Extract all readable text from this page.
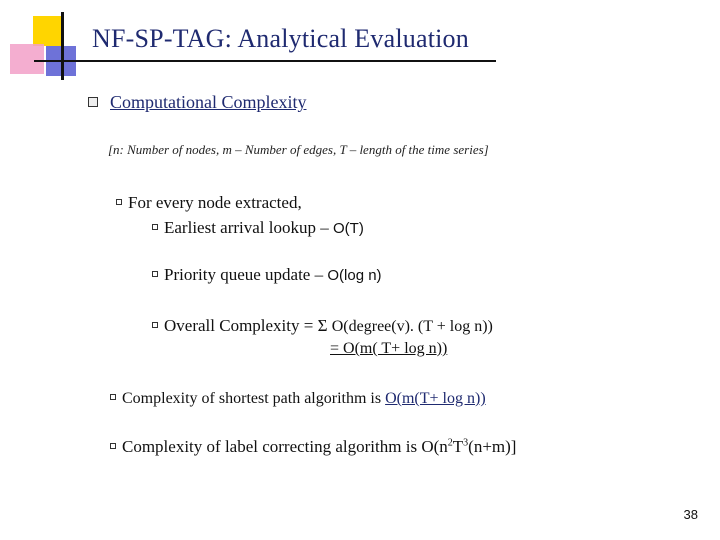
NF-SP-TAG: Analytical Evaluation
Computational Complexity
[n: Number of nodes, m – Number of edges, T – length of the time series]
For every node extracted,
Earliest arrival lookup – O(T)
Priority queue update – O(log n)
Overall Complexity = Σ O(degree(v). (T + log n))
= O(m( T+ log n))
Complexity of shortest path algorithm is O(m(T+ log n))
Complexity of label correcting algorithm is $O(n^2T^3(n+m)]$
38
